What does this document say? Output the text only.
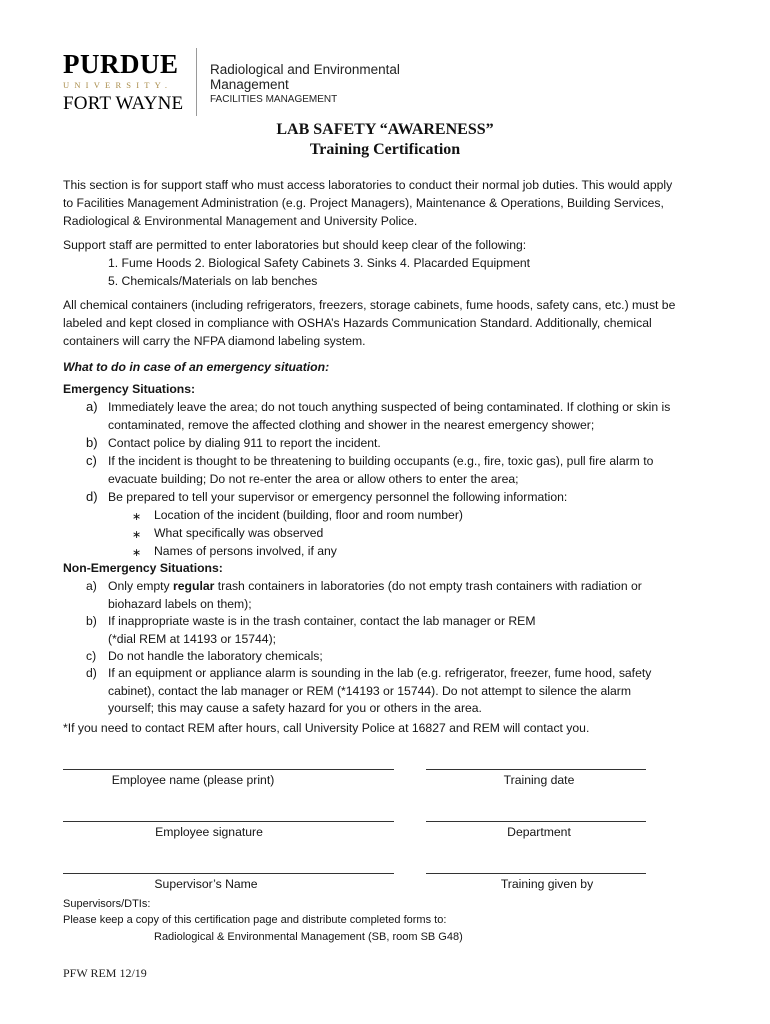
PURDUE
UNIVERSITY.
FORT WAYNE
Radiological and Environmental
Management
FACILITIES MANAGEMENT
LAB SAFETY “AWARENESS”
Training Certification
This section is for support staff who must access laboratories to conduct their normal job duties. This would apply
to Facilities Management Administration (e.g. Project Managers), Maintenance & Operations, Building Services,
Radiological & Environmental Management and University Police.
Support staff are permitted to enter laboratories but should keep clear of the following:
1. Fume Hoods 2. Biological Safety Cabinets 3. Sinks 4. Placarded Equipment
5. Chemicals/Materials on lab benches
All chemical containers (including refrigerators, freezers, storage cabinets, fume hoods, safety cans, etc.) must be
labeled and kept closed in compliance with OSHA’s Hazards Communication Standard. Additionally, chemical
containers will carry the NFPA diamond labeling system.
What to do in case of an emergency situation:
Emergency Situations:
a) Immediately leave the area; do not touch anything suspected of being contaminated. If clothing or skin is
contaminated, remove the affected clothing and shower in the nearest emergency shower;
b) Contact police by dialing 911 to report the incident.
c) If the incident is thought to be threatening to building occupants (e.g., fire, toxic gas), pull fire alarm to
evacuate building; Do not re-enter the area or allow others to enter the area;
d) Be prepared to tell your supervisor or emergency personnel the following information:
∗ Location of the incident (building, floor and room number)
∗ What specifically was observed
∗ Names of persons involved, if any
Non-Emergency Situations:
a) Only empty regular trash containers in laboratories (do not empty trash containers with radiation or
biohazard labels on them);
b) If inappropriate waste is in the trash container, contact the lab manager or REM
(*dial REM at 14193 or 15744);
c) Do not handle the laboratory chemicals;
d) If an equipment or appliance alarm is sounding in the lab (e.g. refrigerator, freezer, fume hood, safety
cabinet), contact the lab manager or REM (*14193 or 15744). Do not attempt to silence the alarm
yourself; this may cause a safety hazard for you or others in the area.
*If you need to contact REM after hours, call University Police at 16827 and REM will contact you.
Employee name (please print)	Training date
Employee signature	Department
Supervisor’s Name	Training given by
Supervisors/DTIs:
Please keep a copy of this certification page and distribute completed forms to:
Radiological & Environmental Management (SB, room SB G48)
PFW REM 12/19
